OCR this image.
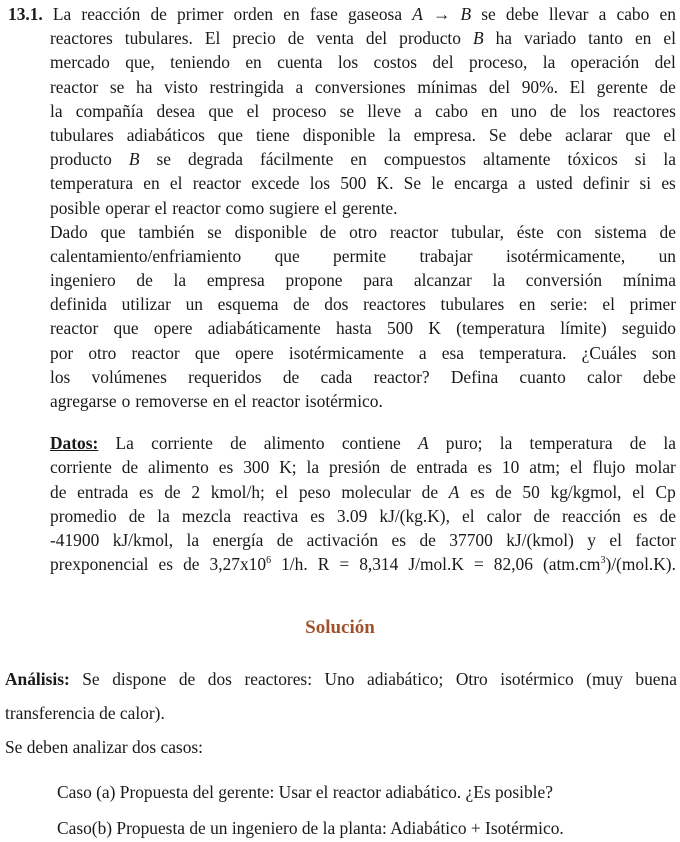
13.1. La reacción de primer orden en fase gaseosa A → B se debe llevar a cabo en
reactores tubulares. El precio de venta del producto B ha variado tanto en el
mercado que, teniendo en cuenta los costos del proceso, la operación del
reactor se ha visto restringida a conversiones mínimas del 90%. El gerente de
la compañía desea que el proceso se lleve a cabo en uno de los reactores
tubulares adiabáticos que tiene disponible la empresa. Se debe aclarar que el
producto B se degrada fácilmente en compuestos altamente tóxicos si la
temperatura en el reactor excede los 500 K. Se le encarga a usted definir si es
posible operar el reactor como sugiere el gerente.
Dado que también se disponible de otro reactor tubular, éste con sistema de
calentamiento/enfriamiento que permite trabajar isotérmicamente, un
ingeniero de la empresa propone para alcanzar la conversión mínima
definida utilizar un esquema de dos reactores tubulares en serie: el primer
reactor que opere adiabáticamente hasta 500 K (temperatura límite) seguido
por otro reactor que opere isotérmicamente a esa temperatura. ¿Cuáles son
los volúmenes requeridos de cada reactor? Defina cuanto calor debe
agregarse o removerse en el reactor isotérmico.
Datos: La corriente de alimento contiene A puro; la temperatura de la
corriente de alimento es 300 K; la presión de entrada es 10 atm; el flujo molar
de entrada es de 2 kmol/h; el peso molecular de A es de 50 kg/kgmol, el Cp
promedio de la mezcla reactiva es 3.09 kJ/(kg.K), el calor de reacción es de
-41900 kJ/kmol, la energía de activación es de 37700 kJ/(kmol) y el factor
prexponencial es de $3,27x10^6$ 1/h. R = 8,314 J/mol.K = 82,06 $(atm.cm^3)/(mol.K)$.
Solución
Análisis: Se dispone de dos reactores: Uno adiabático; Otro isotérmico (muy buena
transferencia de calor).
Se deben analizar dos casos:
Caso (a) Propuesta del gerente: Usar el reactor adiabático. ¿Es posible?
Caso(b) Propuesta de un ingeniero de la planta: Adiabático + Isotérmico.
